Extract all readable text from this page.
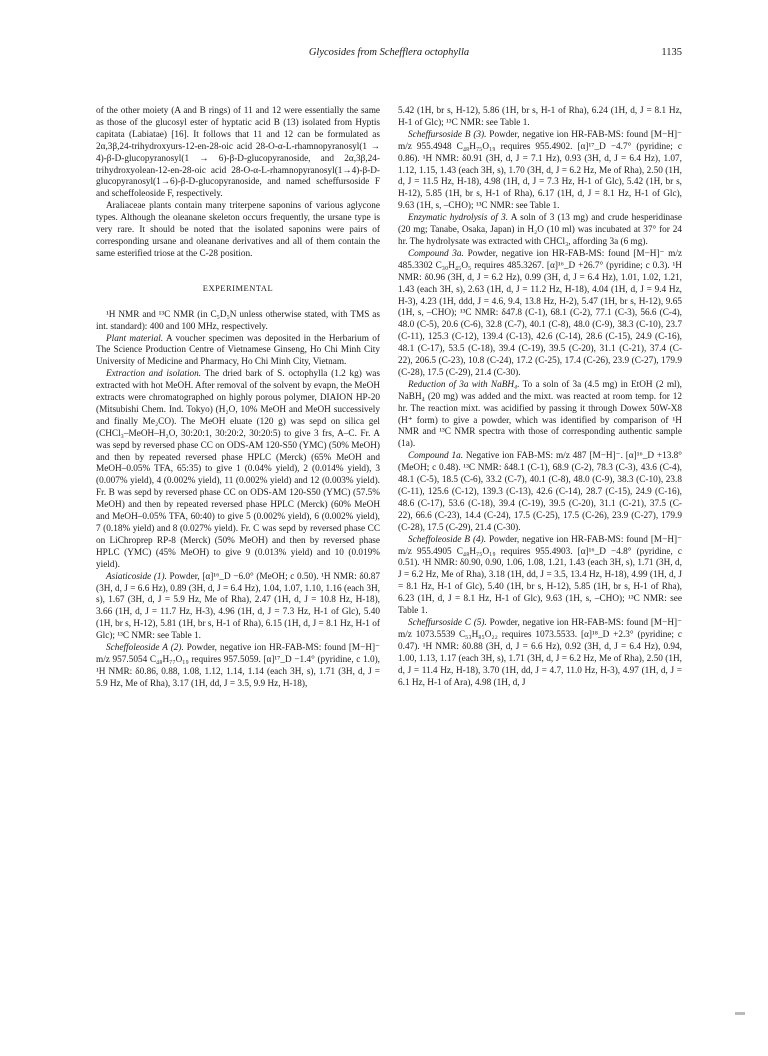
Glycosides from Schefflera octophylla	1135

of the other moiety (A and B rings) of 11 and 12 were essentially the same as those of the glucosyl ester of hyptatic acid B (13) isolated from Hyptis capitata (Labiatae) [16]. It follows that 11 and 12 can be formulated as 2α,3β,24-trihydroxyurs-12-en-28-oic acid 28-O-α-L-rhamnopyranosyl(1 → 4)-β-D-glucopyranosyl(1 → 6)-β-D-glucopyranoside, and 2α,3β,24-trihydroxyolean-12-en-28-oic acid 28-O-α-L-rhamnopyranosyl(1→4)-β-D-glucopyranosyl(1→6)-β-D-glucopyranoside, and named scheffursoside F and scheffoleoside F, respectively.

Araliaceae plants contain many triterpene saponins of various aglycone types. Although the oleanane skeleton occurs frequently, the ursane type is very rare. It should be noted that the isolated saponins were pairs of corresponding ursane and oleanane derivatives and all of them contain the same esterified triose at the C-28 position.

EXPERIMENTAL

¹H NMR and ¹³C NMR (in C₅D₅N unless otherwise stated, with TMS as int. standard): 400 and 100 MHz, respectively.

Plant material. A voucher specimen was deposited in the Herbarium of The Science Production Centre of Vietnamese Ginseng, Ho Chi Minh City University of Medicine and Pharmacy, Ho Chi Minh City, Vietnam.

Extraction and isolation. The dried bark of S. octophylla (1.2 kg) was extracted with hot MeOH. After removal of the solvent by evapn, the MeOH extracts were chromatographed on highly porous polymer, DIAION HP-20 (Mitsubishi Chem. Ind. Tokyo) (H₂O, 10% MeOH and MeOH successively and finally Me₂CO). The MeOH eluate (120 g) was sepd on silica gel (CHCl₃–MeOH–H₂O, 30:20:1, 30:20:2, 30:20:5) to give 3 frs, A–C. Fr. A was sepd by reversed phase CC on ODS-AM 120-S50 (YMC) (50% MeOH) and then by repeated reversed phase HPLC (Merck) (65% MeOH and MeOH–0.05% TFA, 65:35) to give 1 (0.04% yield), 2 (0.014% yield), 3 (0.007% yield), 4 (0.002% yield), 11 (0.002% yield) and 12 (0.003% yield). Fr. B was sepd by reversed phase CC on ODS-AM 120-S50 (YMC) (57.5% MeOH) and then by repeated reversed phase HPLC (Merck) (60% MeOH and MeOH–0.05% TFA, 60:40) to give 5 (0.002% yield), 6 (0.002% yield), 7 (0.18% yield) and 8 (0.027% yield). Fr. C was sepd by reversed phase CC on LiChroprep RP-8 (Merck) (50% MeOH) and then by reversed phase HPLC (YMC) (45% MeOH) to give 9 (0.013% yield) and 10 (0.019% yield).

Asiaticoside (1). Powder, [α]¹⁶_D −6.0° (MeOH; c 0.50). ¹H NMR: δ0.87 (3H, d, J = 6.6 Hz), 0.89 (3H, d, J = 6.4 Hz), 1.04, 1.07, 1.10, 1.16 (each 3H, s), 1.67 (3H, d, J = 5.9 Hz, Me of Rha), 2.47 (1H, d, J = 10.8 Hz, H-18), 3.66 (1H, d, J = 11.7 Hz, H-3), 4.96 (1H, d, J = 7.3 Hz, H-1 of Glc), 5.40 (1H, br s, H-12), 5.81 (1H, br s, H-1 of Rha), 6.15 (1H, d, J = 8.1 Hz, H-1 of Glc); ¹³C NMR: see Table 1.

Scheffoleoside A (2). Powder, negative ion HR-FAB-MS: found [M−H]⁻ m/z 957.5054 C₄₈H₇₇O₁₉ requires 957.5059. [α]¹⁷_D −1.4° (pyridine, c 1.0), ¹H NMR: δ0.86, 0.88, 1.08, 1.12, 1.14, 1.14 (each 3H, s), 1.71 (3H, d, J = 5.9 Hz, Me of Rha), 3.17 (1H, dd, J = 3.5, 9.9 Hz, H-18),

5.42 (1H, br s, H-12), 5.86 (1H, br s, H-1 of Rha), 6.24 (1H, d, J = 8.1 Hz, H-1 of Glc); ¹³C NMR: see Table 1.

Scheffursoside B (3). Powder, negative ion HR-FAB-MS: found [M−H]⁻ m/z 955.4948 C₄₈H₇₅O₁₉ requires 955.4902. [α]¹⁷_D −4.7° (pyridine; c 0.86). ¹H NMR: δ0.91 (3H, d, J = 7.1 Hz), 0.93 (3H, d, J = 6.4 Hz), 1.07, 1.12, 1.15, 1.43 (each 3H, s), 1.70 (3H, d, J = 6.2 Hz, Me of Rha), 2.50 (1H, d, J = 11.5 Hz, H-18), 4.98 (1H, d, J = 7.3 Hz, H-1 of Glc), 5.42 (1H, br s, H-12), 5.85 (1H, br s, H-1 of Rha), 6.17 (1H, d, J = 8.1 Hz, H-1 of Glc), 9.63 (1H, s, –CHO); ¹³C NMR: see Table 1.

Enzymatic hydrolysis of 3. A soln of 3 (13 mg) and crude hesperidinase (20 mg; Tanabe, Osaka, Japan) in H₂O (10 ml) was incubated at 37° for 24 hr. The hydrolysate was extracted with CHCl₃, affording 3a (6 mg).

Compound 3a. Powder, negative ion HR-FAB-MS: found [M−H]⁻ m/z 485.3302 C₃₀H₄₅O₅ requires 485.3267. [α]¹⁶_D +26.7° (pyridine; c 0.3). ¹H NMR: δ0.96 (3H, d, J = 6.2 Hz), 0.99 (3H, d, J = 6.4 Hz), 1.01, 1.02, 1.21, 1.43 (each 3H, s), 2.63 (1H, d, J = 11.2 Hz, H-18), 4.04 (1H, d, J = 9.4 Hz, H-3), 4.23 (1H, ddd, J = 4.6, 9.4, 13.8 Hz, H-2), 5.47 (1H, br s, H-12), 9.65 (1H, s, –CHO); ¹³C NMR: δ47.8 (C-1), 68.1 (C-2), 77.1 (C-3), 56.6 (C-4), 48.0 (C-5), 20.6 (C-6), 32.8 (C-7), 40.1 (C-8), 48.0 (C-9), 38.3 (C-10), 23.7 (C-11), 125.3 (C-12), 139.4 (C-13), 42.6 (C-14), 28.6 (C-15), 24.9 (C-16), 48.1 (C-17), 53.5 (C-18), 39.4 (C-19), 39.5 (C-20), 31.1 (C-21), 37.4 (C-22), 206.5 (C-23), 10.8 (C-24), 17.2 (C-25), 17.4 (C-26), 23.9 (C-27), 179.9 (C-28), 17.5 (C-29), 21.4 (C-30).

Reduction of 3a with NaBH₄. To a soln of 3a (4.5 mg) in EtOH (2 ml), NaBH₄ (20 mg) was added and the mixt. was reacted at room temp. for 12 hr. The reaction mixt. was acidified by passing it through Dowex 50W-X8 (H⁺ form) to give a powder, which was identified by comparison of ¹H NMR and ¹³C NMR spectra with those of corresponding authentic sample (1a).

Compound 1a. Negative ion FAB-MS: m/z 487 [M−H]⁻. [α]¹⁶_D +13.8° (MeOH; c 0.48). ¹³C NMR: δ48.1 (C-1), 68.9 (C-2), 78.3 (C-3), 43.6 (C-4), 48.1 (C-5), 18.5 (C-6), 33.2 (C-7), 40.1 (C-8), 48.0 (C-9), 38.3 (C-10), 23.8 (C-11), 125.6 (C-12), 139.3 (C-13), 42.6 (C-14), 28.7 (C-15), 24.9 (C-16), 48.6 (C-17), 53.6 (C-18), 39.4 (C-19), 39.5 (C-20), 31.1 (C-21), 37.5 (C-22), 66.6 (C-23), 14.4 (C-24), 17.5 (C-25), 17.5 (C-26), 23.9 (C-27), 179.9 (C-28), 17.5 (C-29), 21.4 (C-30).

Scheffoleoside B (4). Powder, negative ion HR-FAB-MS: found [M−H]⁻ m/z 955.4905 C₄₈H₇₅O₁₉ requires 955.4903. [α]¹⁶_D −4.8° (pyridine, c 0.51). ¹H NMR: δ0.90, 0.90, 1.06, 1.08, 1.21, 1.43 (each 3H, s), 1.71 (3H, d, J = 6.2 Hz, Me of Rha), 3.18 (1H, dd, J = 3.5, 13.4 Hz, H-18), 4.99 (1H, d, J = 8.1 Hz, H-1 of Glc), 5.40 (1H, br s, H-12), 5.85 (1H, br s, H-1 of Rha), 6.23 (1H, d, J = 8.1 Hz, H-1 of Glc), 9.63 (1H, s, –CHO); ¹³C NMR: see Table 1.

Scheffursoside C (5). Powder, negative ion HR-FAB-MS: found [M−H]⁻ m/z 1073.5539 C₅₃H₈₅O₂₂ requires 1073.5533. [α]¹⁸_D +2.3° (pyridine; c 0.47). ¹H NMR: δ0.88 (3H, d, J = 6.6 Hz), 0.92 (3H, d, J = 6.4 Hz), 0.94, 1.00, 1.13, 1.17 (each 3H, s), 1.71 (3H, d, J = 6.2 Hz, Me of Rha), 2.50 (1H, d, J = 11.4 Hz, H-18), 3.70 (1H, dd, J = 4.7, 11.0 Hz, H-3), 4.97 (1H, d, J = 6.1 Hz, H-1 of Ara), 4.98 (1H, d, J
